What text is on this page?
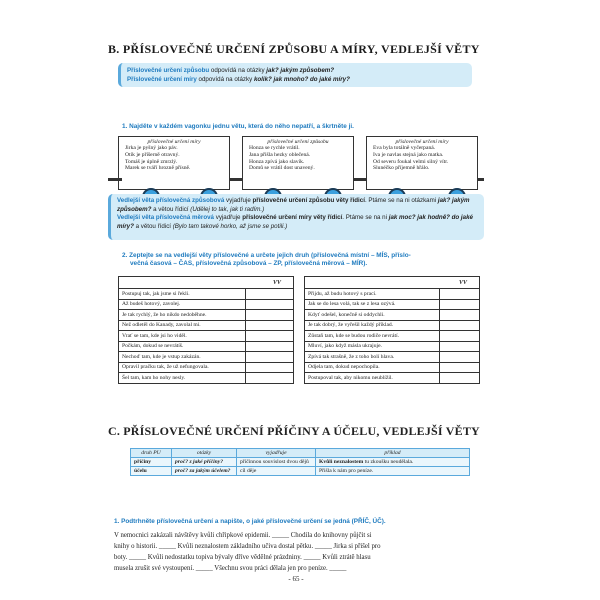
B. PŘÍSLOVEČNÉ URČENÍ ZPŮSOBU A MÍRY, VEDLEJŠÍ VĚTY

Příslovečné určení způsobu odpovídá na otázky jak? jakým způsobem?

Příslovečné určení míry odpovídá na otázky kolik? jak mnoho? do jaké míry?

1. Najděte v každém vagonku jednu větu, která do něho nepatří, a škrtněte ji.
příslovečné určení míry
Jirka je pyšný jako páv.
Otík je příšerně otravný.
Tomáš je úplně zmrzlý.
Marek se tváří hrozně přísně.
příslovečné určení způsobu
Honza se rychle vrátil.
Jana přišla hezky oblečená.
Honza zpívá jako slavík.
Domů se vrátil dost unavený.
příslovečné určení míry
Eva byla totálně vyčerpaná.
Iva je navlas stejná jako matka.
Od severu foukal velmi silný vítr.
Slunéčko příjemně hřálo.

Vedlejší věta příslovečná způsobová vyjadřuje příslovečné určení způsobu věty řídicí. Ptáme se na ni otázkami jak? jakým způsobem? a větou řídicí (Udělej to tak, jak ti radím.)

Vedlejší věta příslovečná měrová vyjadřuje příslovečné určení míry věty řídicí. Ptáme se na ni jak moc? jak hodně? do jaké míry? a větou řídicí (Bylo tam takové horko, až jsme se potili.)

2. Zeptejte se na vedlejší věty příslovečné a určete jejich druh (příslovečná místní – MÍS, příslo-
večná časová – ČAS, příslovečná způsobová – ZP, příslovečná měrová – MÍR).
VV	
Postupuj tak, jak jsme si řekli.	
Až budeš hotový, zavolej.	
Je tak rychlý, že ho nikdo nedoběhne.	
Než odletěl do Kanady, zavolal mi.	
Vrať se tam, kde jsi ho viděl.	
Počkám, dokud se nevrátíš.	
Nechoď tam, kde je vstup zakázán.	
Opravil pračku tak, že už nefungovala.	
Šel tam, kam ho nohy nesly.	
VV	
Přijdu, až budu hotový s prací.	
Jak se do lesa volá, tak se z lesa ozývá.	
Kdyť odešel, konečně si oddychli.	
Je tak dobrý, že vyřešil každý příklad.	
Zůstaň tam, kde se budou rodiče nevrátí.	
Mluví, jako když másla ukrajuje.	
Zpívá tak strašně, že z toho bolí hlava.	
Odjela tam, dokud nepochopila.	
Postupoval tak, aby nikomu neublížil.	
C. PŘÍSLOVEČNÉ URČENÍ PŘÍČINY A ÚČELU, VEDLEJŠÍ VĚTY
druh PU	otázky	vyjadřuje	příklad
příčiny	proč? z jaké příčiny?	příčinnou souvislost dvou dějů	Kvůli neznalostem tu zkoušku neudělala.
účelu	proč? za jakým účelem?	cíl děje	Přišla k nám pro peníze.
1. Podtrhněte příslovečná určení a napište, o jaké příslovečné určení se jedná (PŘÍČ, ÚČ).
V nemocnici zakázali návštěvy kvůli chřipkové epidemii. _____ Chodila do knihovny půjčit si
knihy o historii. _____ Kvůli neznalostem základního učiva dostal pětku. _____ Jirka si přišel pro
boty. _____ Kvůli nedostatku topiva bývaly dříve vědělné prázdniny. _____ Kvůli ztrátě hlasu
musela zrušit své vystoupení. _____ Všechnu svou práci dělala jen pro peníze. _____
- 65 -
